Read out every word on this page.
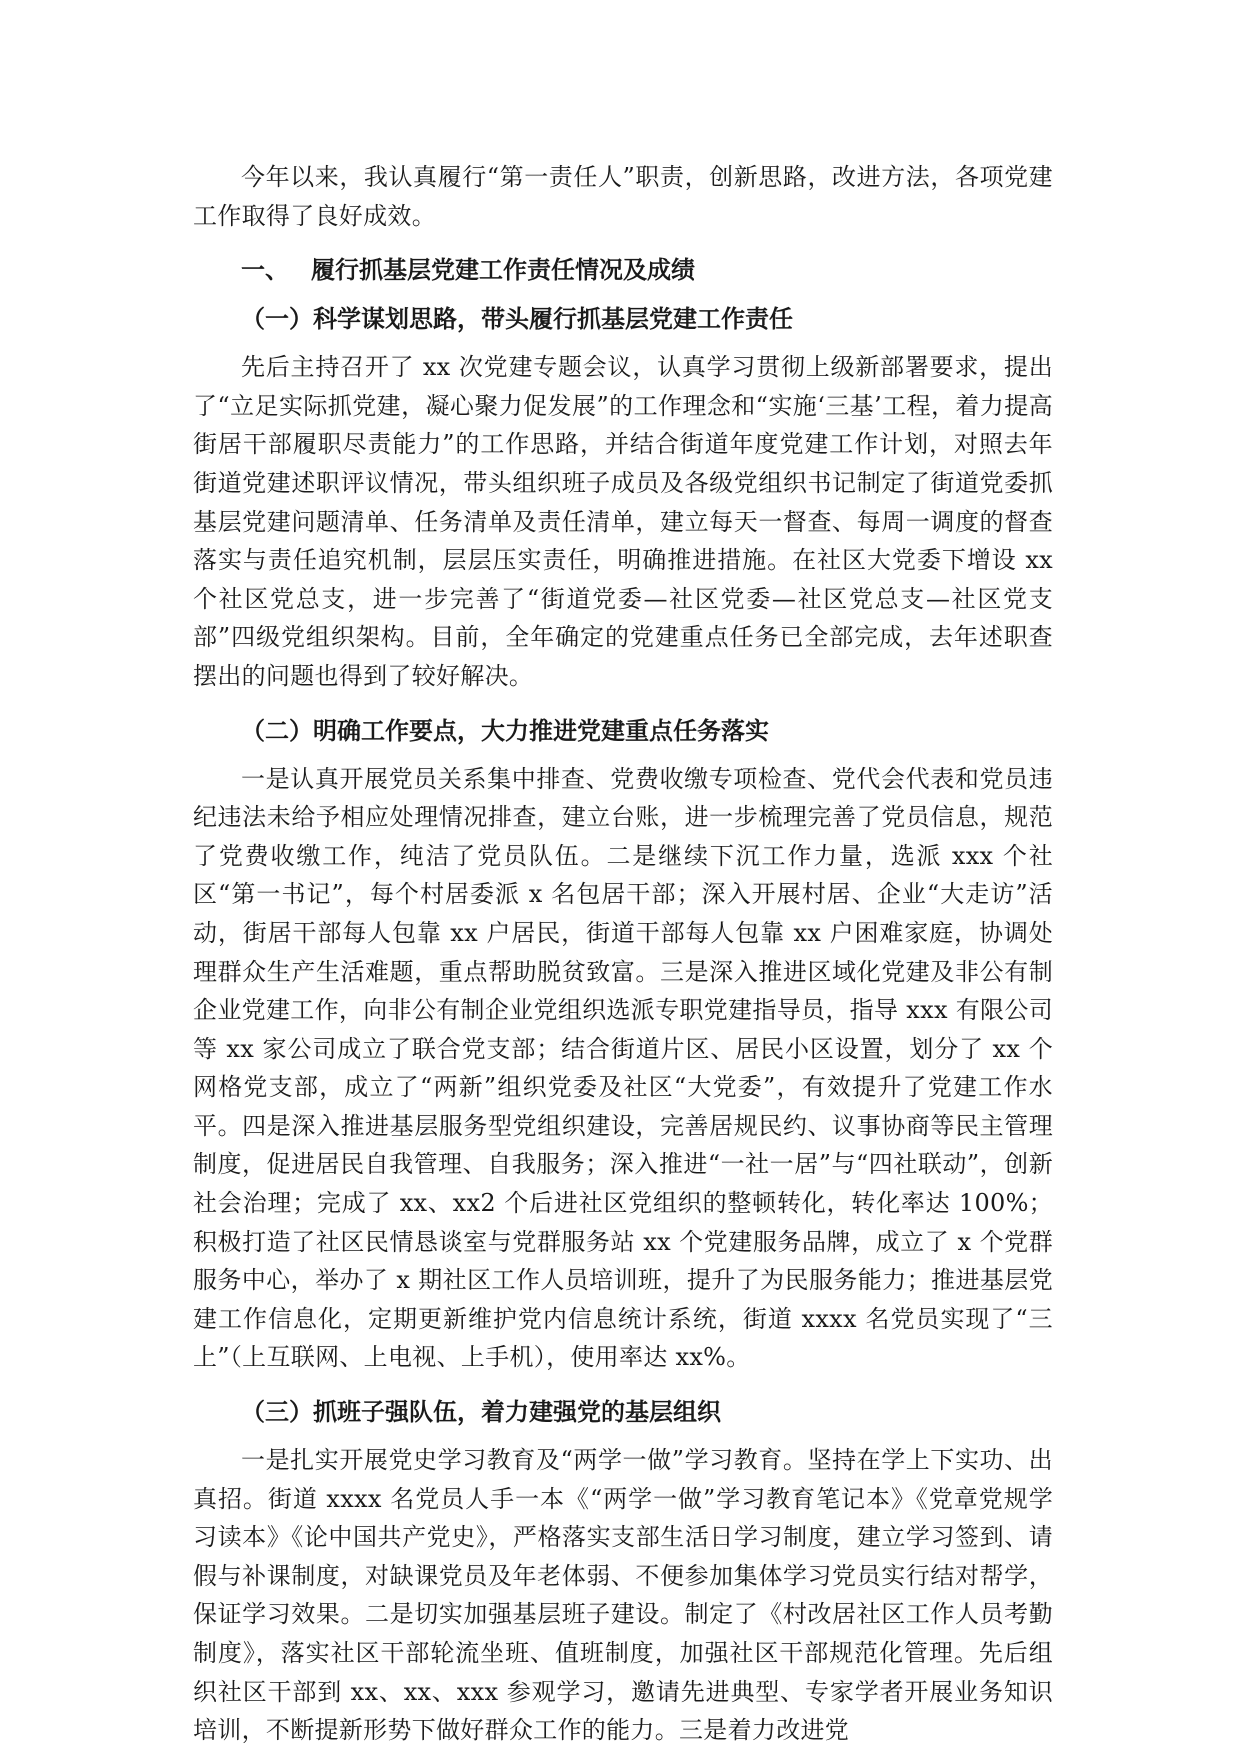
今年以来，我认真履行“第一责任人”职责，创新思路，改进方法，各项党建工作取得了良好成效。

一、 履行抓基层党建工作责任情况及成绩
（一）科学谋划思路，带头履行抓基层党建工作责任

先后主持召开了 xx 次党建专题会议，认真学习贯彻上级新部署要求，提出了“立足实际抓党建，凝心聚力促发展”的工作理念和“实施‘三基’工程，着力提高街居干部履职尽责能力”的工作思路，并结合街道年度党建工作计划，对照去年街道党建述职评议情况，带头组织班子成员及各级党组织书记制定了街道党委抓基层党建问题清单、任务清单及责任清单，建立每天一督查、每周一调度的督查落实与责任追究机制，层层压实责任，明确推进措施。在社区大党委下增设 xx 个社区党总支，进一步完善了“街道党委—社区党委—社区党总支—社区党支部”四级党组织架构。目前，全年确定的党建重点任务已全部完成，去年述职查摆出的问题也得到了较好解决。

（二）明确工作要点，大力推进党建重点任务落实

一是认真开展党员关系集中排查、党费收缴专项检查、党代会代表和党员违纪违法未给予相应处理情况排查，建立台账，进一步梳理完善了党员信息，规范了党费收缴工作，纯洁了党员队伍。二是继续下沉工作力量，选派 xxx 个社区“第一书记”，每个村居委派 x 名包居干部；深入开展村居、企业“大走访”活动，街居干部每人包靠 xx 户居民，街道干部每人包靠 xx 户困难家庭，协调处理群众生产生活难题，重点帮助脱贫致富。三是深入推进区域化党建及非公有制企业党建工作，向非公有制企业党组织选派专职党建指导员，指导 xxx 有限公司等 xx 家公司成立了联合党支部；结合街道片区、居民小区设置，划分了 xx 个网格党支部，成立了“两新”组织党委及社区“大党委”，有效提升了党建工作水平。四是深入推进基层服务型党组织建设，完善居规民约、议事协商等民主管理制度，促进居民自我管理、自我服务；深入推进“一社一居”与“四社联动”，创新社会治理；完成了 xx、xx2 个后进社区党组织的整顿转化，转化率达 100%；积极打造了社区民情恳谈室与党群服务站 xx 个党建服务品牌，成立了 x 个党群服务中心，举办了 x 期社区工作人员培训班，提升了为民服务能力；推进基层党建工作信息化，定期更新维护党内信息统计系统，街道 xxxx 名党员实现了“三上”（上互联网、上电视、上手机），使用率达 xx%。

（三）抓班子强队伍，着力建强党的基层组织

一是扎实开展党史学习教育及“两学一做”学习教育。坚持在学上下实功、出真招。街道 xxxx 名党员人手一本《“两学一做”学习教育笔记本》《党章党规学习读本》《论中国共产党史》，严格落实支部生活日学习制度，建立学习签到、请假与补课制度，对缺课党员及年老体弱、不便参加集体学习党员实行结对帮学，保证学习效果。二是切实加强基层班子建设。制定了《村改居社区工作人员考勤制度》，落实社区干部轮流坐班、值班制度，加强社区干部规范化管理。先后组织社区干部到 xx、xx、xxx 参观学习，邀请先进典型、专家学者开展业务知识培训，不断提新形势下做好群众工作的能力。三是着力改进党
